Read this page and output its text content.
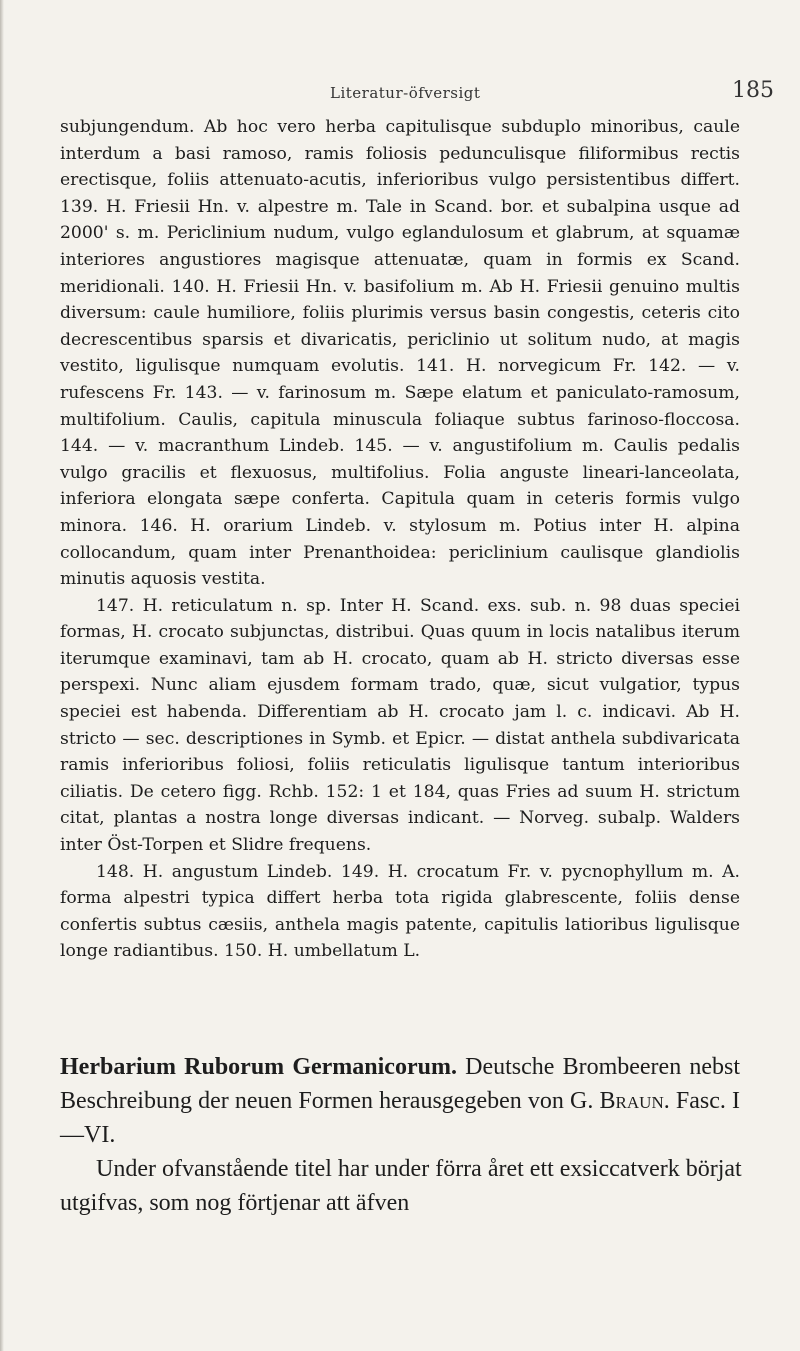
Literatur-öfversigt	185

subjungendum. Ab hoc vero herba capitulisque subduplo minoribus, caule interdum a basi ramoso, ramis foliosis pedunculisque filiformibus rectis erectisque, foliis attenuato-acutis, inferioribus vulgo persistentibus differt. 139. H. Friesii Hn. v. alpestre m. Tale in Scand. bor. et subalpina usque ad 2000' s. m. Periclinium nudum, vulgo eglandulosum et glabrum, at squamæ interiores angustiores magisque attenuatæ, quam in formis ex Scand. meridionali. 140. H. Friesii Hn. v. basifolium m. Ab H. Friesii genuino multis diversum: caule humiliore, foliis plurimis versus basin congestis, ceteris cito decrescentibus sparsis et divaricatis, periclinio ut solitum nudo, at magis vestito, ligulisque numquam evolutis. 141. H. norvegicum Fr. 142. — v. rufescens Fr. 143. — v. farinosum m. Sæpe elatum et paniculato-ramosum, multifolium. Caulis, capitula minuscula foliaque subtus farinoso-floccosa. 144. — v. macranthum Lindeb. 145. — v. angustifolium m. Caulis pedalis vulgo gracilis et flexuosus, multifolius. Folia anguste lineari-lanceolata, inferiora elongata sæpe conferta. Capitula quam in ceteris formis vulgo minora. 146. H. orarium Lindeb. v. stylosum m. Potius inter H. alpina collocandum, quam inter Prenanthoidea: periclinium caulisque glandiolis minutis aquosis vestita.

147. H. reticulatum n. sp. Inter H. Scand. exs. sub. n. 98 duas speciei formas, H. crocato subjunctas, distribui. Quas quum in locis natalibus iterum iterumque examinavi, tam ab H. crocato, quam ab H. stricto diversas esse perspexi. Nunc aliam ejusdem formam trado, quæ, sicut vulgatior, typus speciei est habenda. Differentiam ab H. crocato jam l. c. indicavi. Ab H. stricto — sec. descriptiones in Symb. et Epicr. — distat anthela subdivaricata ramis inferioribus foliosi, foliis reticulatis ligulisque tantum interioribus ciliatis. De cetero figg. Rchb. 152: 1 et 184, quas Fries ad suum H. strictum citat, plantas a nostra longe diversas indicant. — Norveg. subalp. Walders inter Öst-Torpen et Slidre frequens.

148. H. angustum Lindeb. 149. H. crocatum Fr. v. pycnophyllum m. A. forma alpestri typica differt herba tota rigida glabrescente, foliis dense confertis subtus cæsiis, anthela magis patente, capitulis latioribus ligulisque longe radiantibus. 150. H. umbellatum L.

Herbarium Ruborum Germanicorum. Deutsche Brombeeren nebst Beschreibung der neuen Formen herausgegeben von G. Braun. Fasc. I—VI.

Under ofvanstående titel har under förra året ett exsiccatverk börjat utgifvas, som nog förtjenar att äfven
